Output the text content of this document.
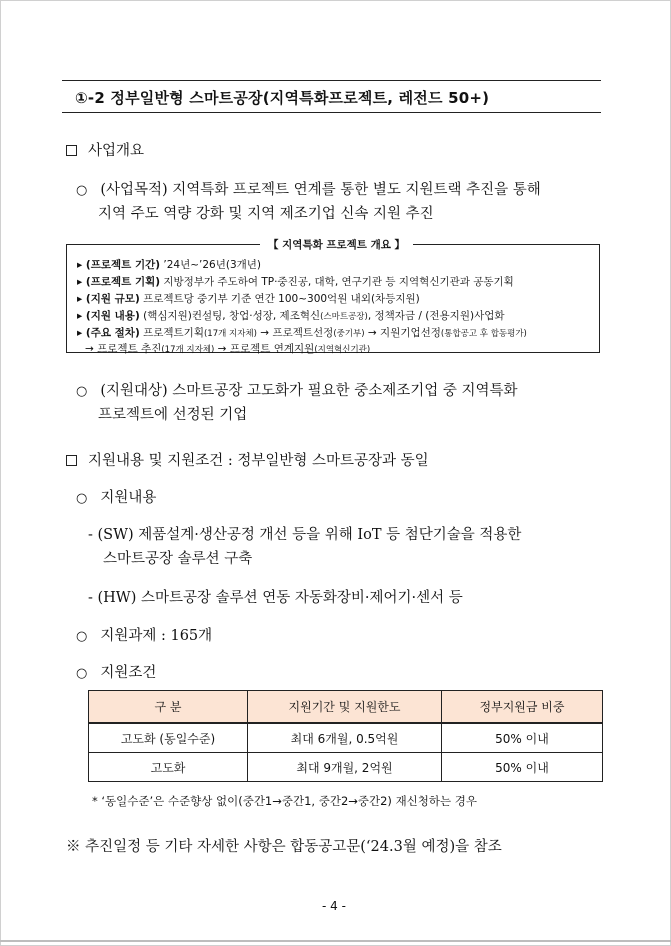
①-2 정부일반형 스마트공장(지역특화프로젝트, 레전드 50+)
사업개요
○ (사업목적) 지역특화 프로젝트 연계를 통한 별도 지원트랙 추진을 통해
지역 주도 역량 강화 및 지역 제조기업 신속 지원 추진
【 지역특화 프로젝트 개요 】
▸ (프로젝트 기간) ’24년~’26년(3개년)
▸ (프로젝트 기획) 지방정부가 주도하여 TP·중진공, 대학, 연구기관 등 지역혁신기관과 공동기획
▸ (지원 규모) 프로젝트당 중기부 기준 연간 100~300억원 내외(차등지원)
▸ (지원 내용) (핵심지원)컨설팅, 창업·성장, 제조혁신(스마트공장), 정책자금 / (전용지원)사업화
▸ (주요 절차) 프로젝트기획(17개 지자체) → 프로젝트선정(중기부) → 지원기업선정(통합공고 후 합동평가)
→ 프로젝트 추진(17개 지자체) → 프로젝트 연계지원(지역혁신기관)
○ (지원대상) 스마트공장 고도화가 필요한 중소제조기업 중 지역특화
프로젝트에 선정된 기업
지원내용 및 지원조건 : 정부일반형 스마트공장과 동일
○ 지원내용
- (SW) 제품설계·생산공정 개선 등을 위해 IoT 등 첨단기술을 적용한
스마트공장 솔루션 구축
- (HW) 스마트공장 솔루션 연동 자동화장비·제어기·센서 등
○ 지원과제 : 165개
○ 지원조건
구 분	지원기간 및 지원한도	정부지원금 비중
고도화 (동일수준)	최대 6개월, 0.5억원	50% 이내
고도화	최대 9개월, 2억원	50% 이내
* ‘동일수준’은 수준향상 없이(중간1→중간1, 중간2→중간2) 재신청하는 경우
※ 추진일정 등 기타 자세한 사항은 합동공고문(‘24.3월 예정)을 참조
- 4 -
